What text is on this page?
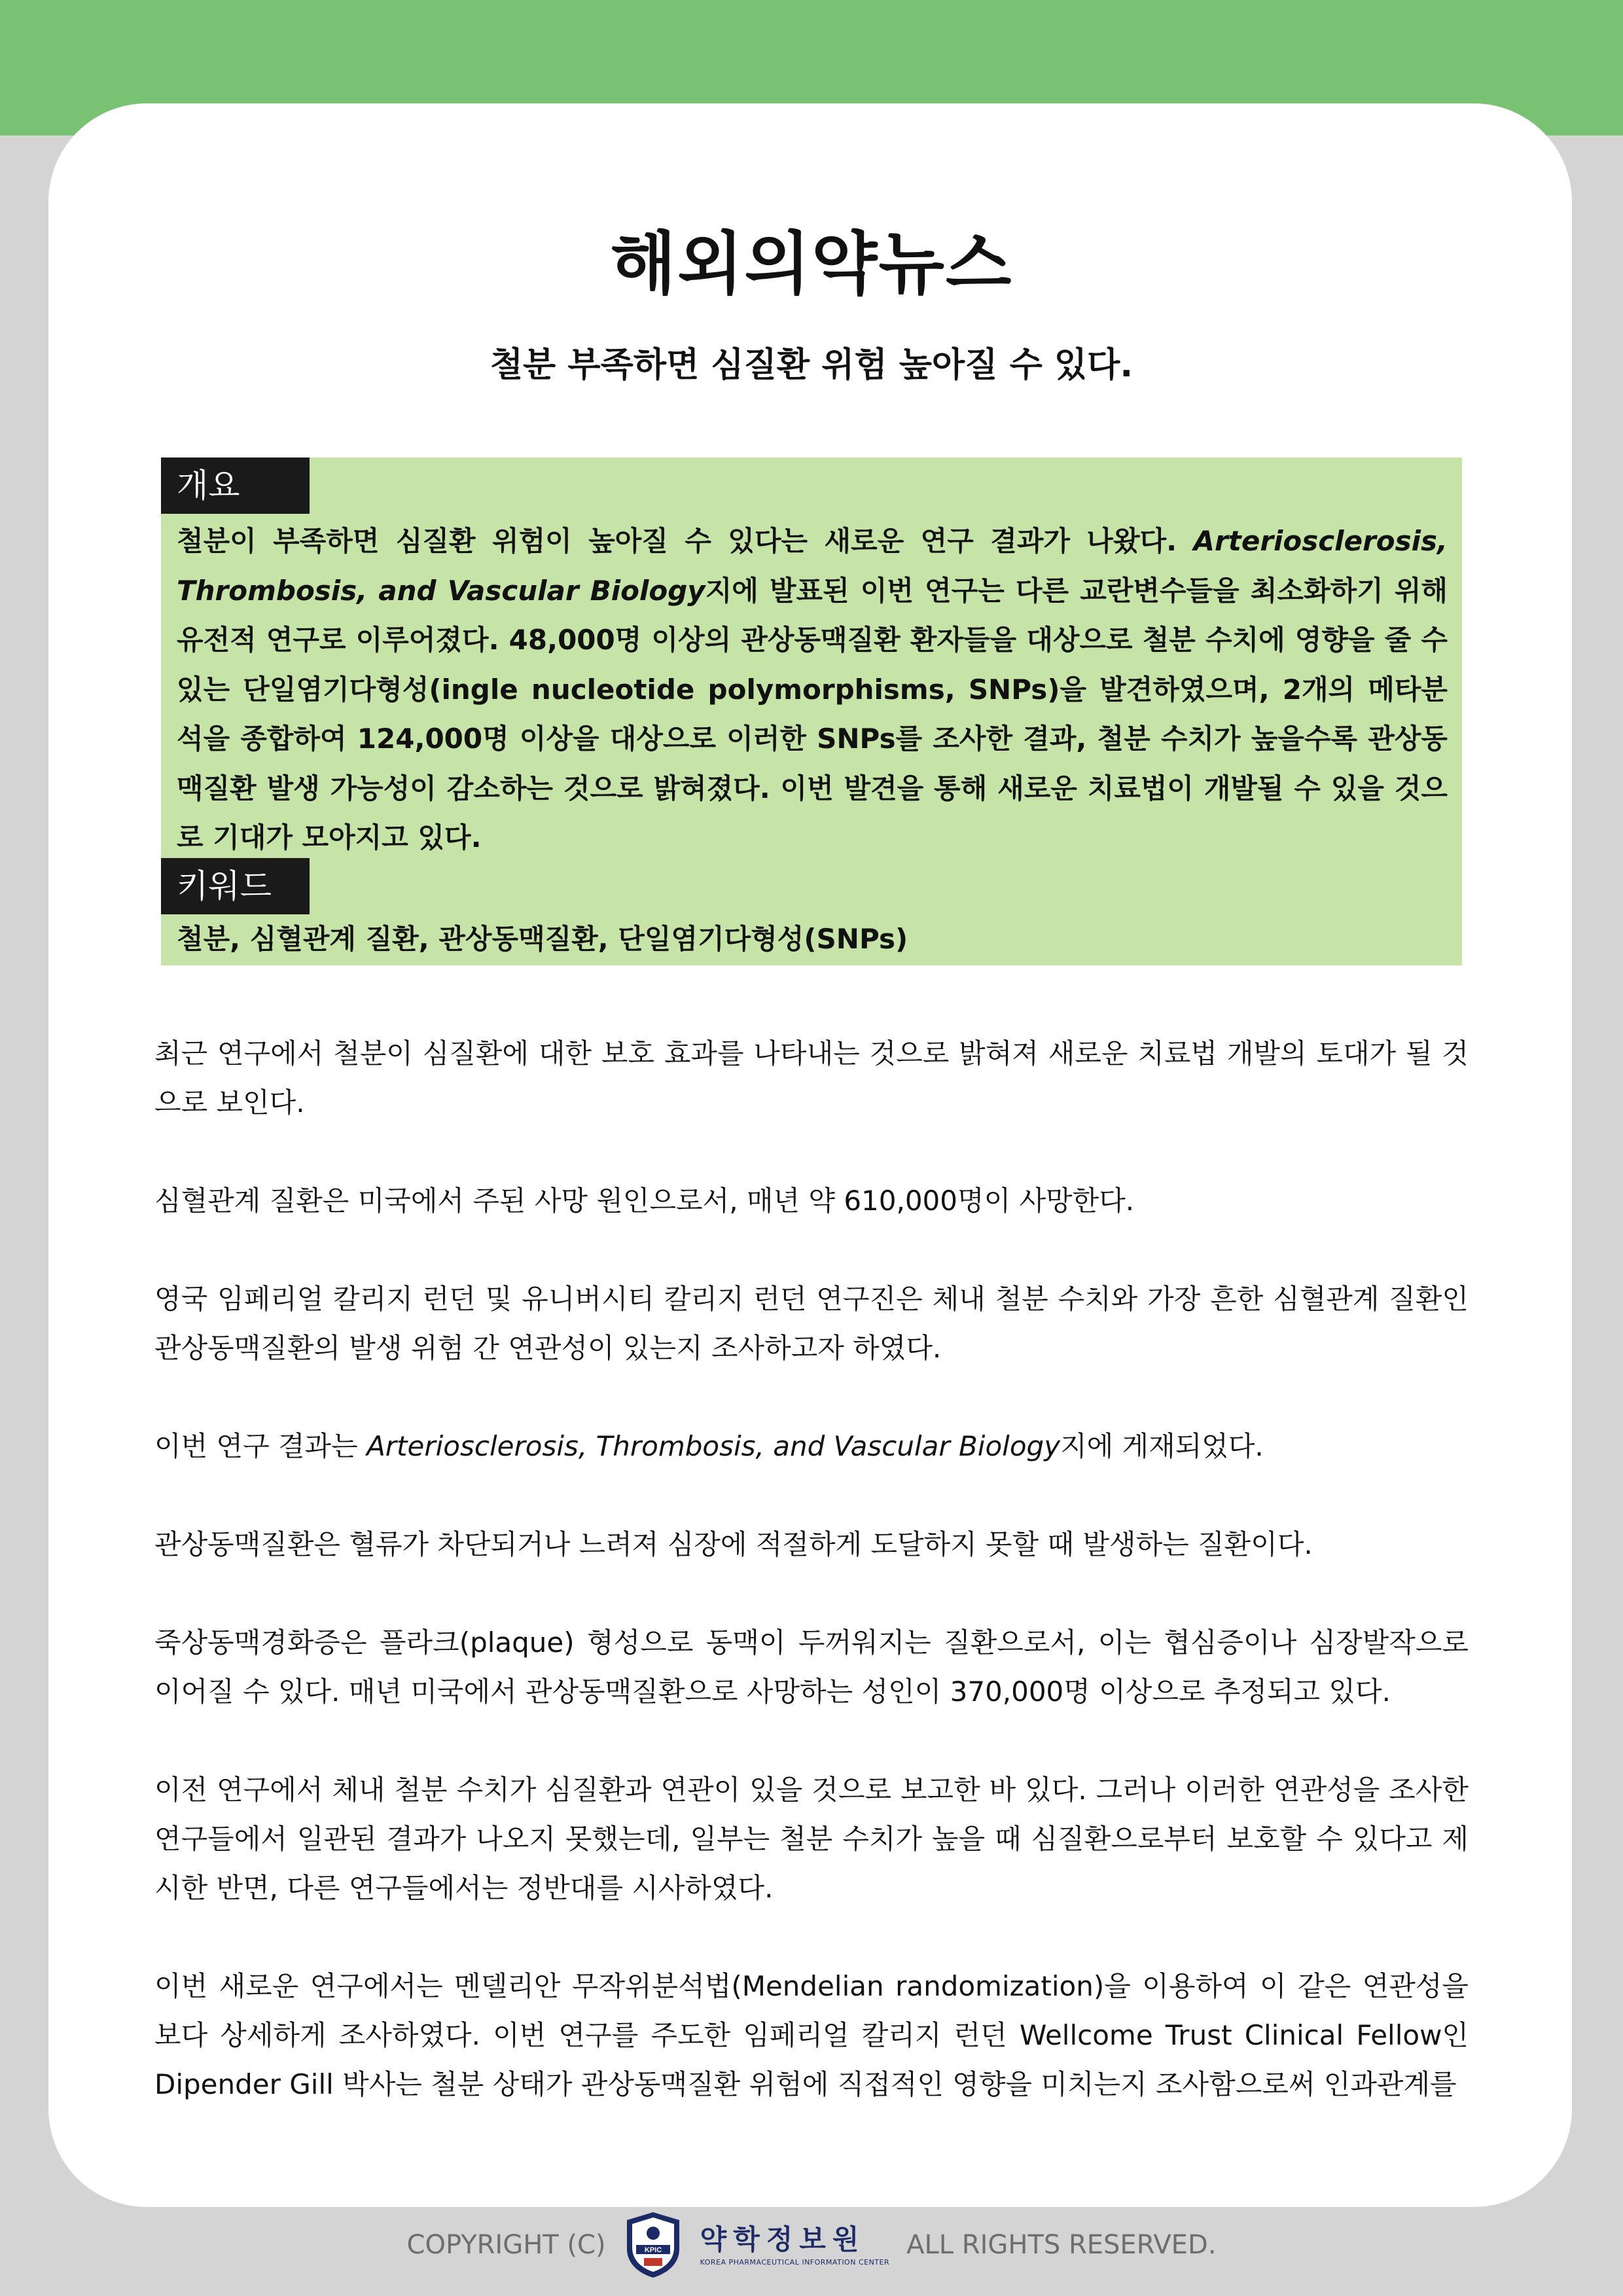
해외의약뉴스
철분 부족하면 심질환 위험 높아질 수 있다.
개요
철분이 부족하면 심질환 위험이 높아질 수 있다는 새로운 연구 결과가 나왔다. Arteriosclerosis, Thrombosis, and Vascular Biology지에 발표된 이번 연구는 다른 교란변수들을 최소화하기 위해 유전적 연구로 이루어졌다. 48,000명 이상의 관상동맥질환 환자들을 대상으로 철분 수치에 영향을 줄 수 있는 단일염기다형성(ingle nucleotide polymorphisms, SNPs)을 발견하였으며, 2개의 메타분석을 종합하여 124,000명 이상을 대상으로 이러한 SNPs를 조사한 결과, 철분 수치가 높을수록 관상동맥질환 발생 가능성이 감소하는 것으로 밝혀졌다. 이번 발견을 통해 새로운 치료법이 개발될 수 있을 것으로 기대가 모아지고 있다.
키워드
철분, 심혈관계 질환, 관상동맥질환, 단일염기다형성(SNPs)

최근 연구에서 철분이 심질환에 대한 보호 효과를 나타내는 것으로 밝혀져 새로운 치료법 개발의 토대가 될 것으로 보인다.

심혈관계 질환은 미국에서 주된 사망 원인으로서, 매년 약 610,000명이 사망한다.

영국 임페리얼 칼리지 런던 및 유니버시티 칼리지 런던 연구진은 체내 철분 수치와 가장 흔한 심혈관계 질환인 관상동맥질환의 발생 위험 간 연관성이 있는지 조사하고자 하였다.

이번 연구 결과는 Arteriosclerosis, Thrombosis, and Vascular Biology지에 게재되었다.

관상동맥질환은 혈류가 차단되거나 느려져 심장에 적절하게 도달하지 못할 때 발생하는 질환이다.

죽상동맥경화증은 플라크(plaque) 형성으로 동맥이 두꺼워지는 질환으로서, 이는 협심증이나 심장발작으로 이어질 수 있다. 매년 미국에서 관상동맥질환으로 사망하는 성인이 370,000명 이상으로 추정되고 있다.

이전 연구에서 체내 철분 수치가 심질환과 연관이 있을 것으로 보고한 바 있다. 그러나 이러한 연관성을 조사한 연구들에서 일관된 결과가 나오지 못했는데, 일부는 철분 수치가 높을 때 심질환으로부터 보호할 수 있다고 제시한 반면, 다른 연구들에서는 정반대를 시사하였다.

이번 새로운 연구에서는 멘델리안 무작위분석법(Mendelian randomization)을 이용하여 이 같은 연관성을 보다 상세하게 조사하였다. 이번 연구를 주도한 임페리얼 칼리지 런던 Wellcome Trust Clinical Fellow인 Dipender Gill 박사는 철분 상태가 관상동맥질환 위험에 직접적인 영향을 미치는지 조사함으로써 인과관계를

COPYRIGHT (C)	KPIC 약학정보원
KOREA PHARMACEUTICAL INFORMATION CENTER
ALL RIGHTS RESERVED.
